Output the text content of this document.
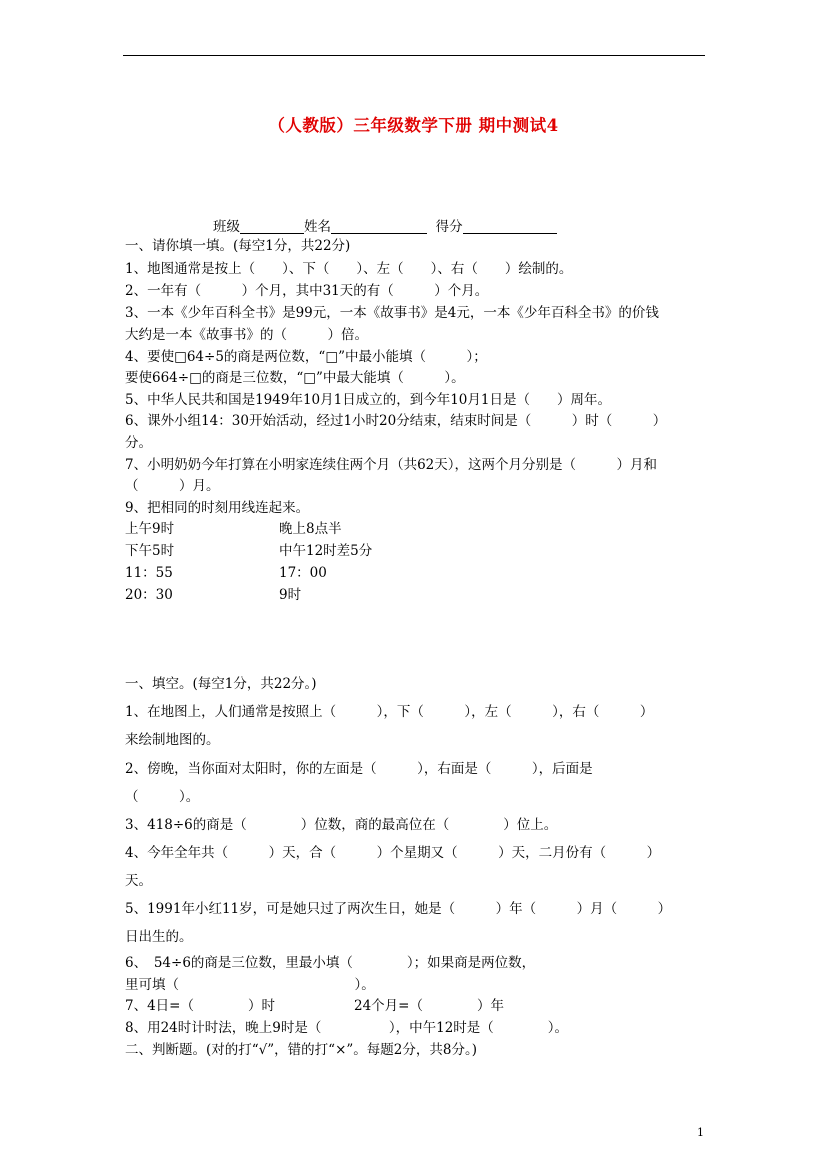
（人教版）三年级数学下册 期中测试4
班级	姓名	得分
一、请你填一填。(每空1分，共22分)
1、地图通常是按上（　　）、下（　　）、左（　　）、右（　　）绘制的。
2、一年有（　　　）个月，其中31天的有（　　　）个月。
3、一本《少年百科全书》是99元，一本《故事书》是4元，一本《少年百科全书》的价钱
大约是一本《故事书》的（　　　）倍。
4、要使□64÷5的商是两位数，“□”中最小能填（　　　）；
要使664÷□的商是三位数，“□”中最大能填（　　　）。
5、中华人民共和国是1949年10月1日成立的，到今年10月1日是（　　）周年。
6、课外小组14：30开始活动，经过1小时20分结束，结束时间是（　　　）时（　　　）
分。
7、小明奶奶今年打算在小明家连续住两个月（共62天），这两个月分别是（　　　）月和
（　　　）月。
9、把相同的时刻用线连起来。
上午9时
下午5时
11：55
20：30
晚上8点半
中午12时差5分
17：00
9时
一、填空。(每空1分，共22分。)
1、在地图上，人们通常是按照上（　　　），下（　　　），左（　　　），右（　　　）
来绘制地图的。
2、傍晚，当你面对太阳时，你的左面是（　　　），右面是（　　　），后面是
（　　　）。
3、418÷6的商是（　　　　）位数，商的最高位在（　　　　）位上。
4、今年全年共（　　　）天，合（　　　）个星期又（　　　）天，二月份有（　　　）
天。
5、1991年小红11岁，可是她只过了两次生日，她是（　　　）年（　　　）月（　　　）
日出生的。
6、　54÷6的商是三位数，里最小填（　　　　）；如果商是两位数，
里可填（　　　　　　　　　　　　　）。
7、4日=（　　　　）时	24个月=（　　　　）年
8、用24时计时法，晚上9时是（　　　　　），中午12时是（　　　　）。
二、判断题。(对的打“√”，错的打“×”。每题2分，共8分。)
1
